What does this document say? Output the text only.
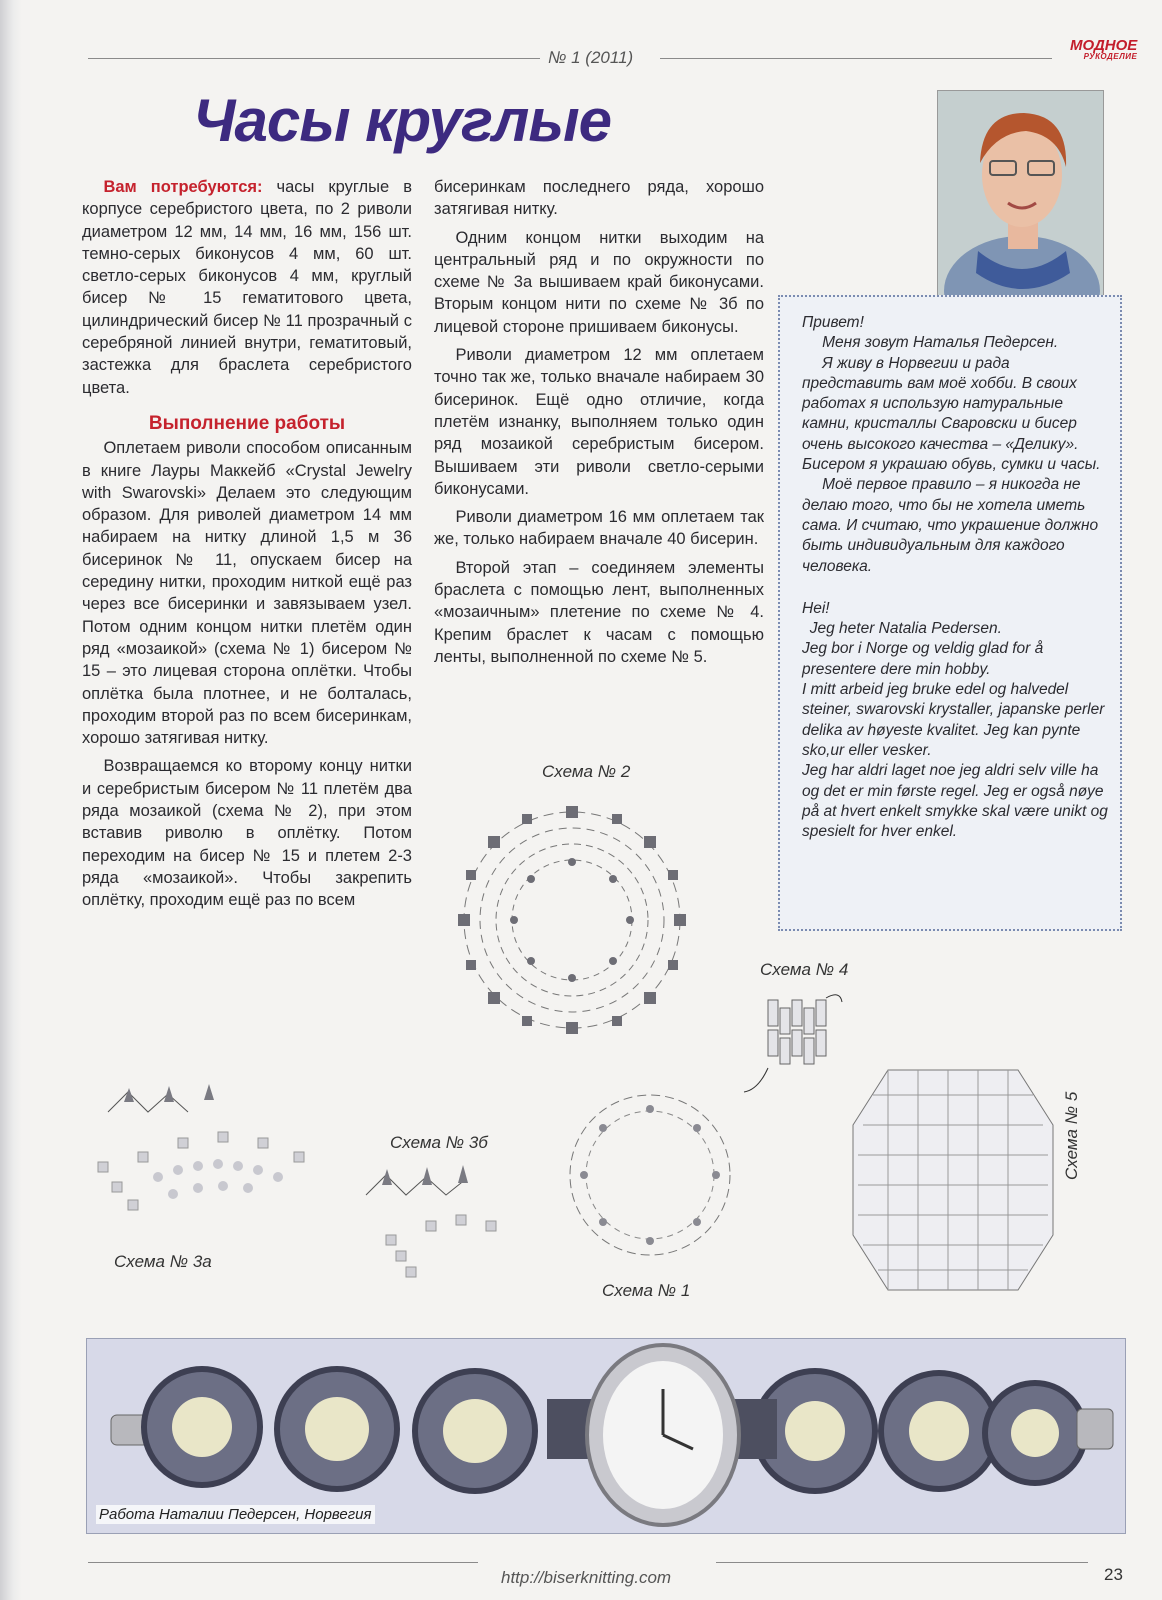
№ 1 (2011)
МОДНОЕ
РУКОДЕЛИЕ
Часы круглые

Вам потребуются: часы круглые в корпусе серебристого цвета, по 2 риволи диаметром 12 мм, 14 мм, 16 мм, 156 шт. темно-серых биконусов 4 мм, 60 шт. светло-серых биконусов 4 мм, круглый бисер № 15 гематитового цвета, цилиндрический бисер № 11 прозрачный с серебряной линией внутри, гематитовый, застежка для браслета серебристого цвета.

Выполнение работы

Оплетаем риволи способом описанным в книге Лауры Маккейб «Crystal Jewelry with Swarovski» Делаем это следующим образом. Для риволей диаметром 14 мм набираем на нитку длиной 1,5 м 36 бисеринок № 11, опускаем бисер на середину нитки, проходим ниткой ещё раз через все бисеринки и завязываем узел. Потом одним концом нитки плетём один ряд «мозаикой» (схема № 1) бисером № 15 – это лицевая сторона оплётки. Чтобы оплётка была плотнее, и не болталась, проходим второй раз по всем бисеринкам, хорошо затягивая нитку.

Возвращаемся ко второму концу нитки и серебристым бисером № 11 плетём два ряда мозаикой (схема № 2), при этом вставив риволю в оплётку. Потом переходим на бисер № 15 и плетем 2-3 ряда «мозаикой». Чтобы закрепить оплётку, проходим ещё раз по всем

бисеринкам последнего ряда, хорошо затягивая нитку.

Одним концом нитки выходим на центральный ряд и по окружности по схеме № 3а вышиваем край биконусами. Вторым концом нити по схеме № 3б по лицевой стороне пришиваем биконусы.

Риволи диаметром 12 мм оплетаем точно так же, только вначале набираем 30 бисеринок. Ещё одно отличие, когда плетём изнанку, выполняем только один ряд мозаикой серебристым бисером. Вышиваем эти риволи светло-серыми биконусами.

Риволи диаметром 16 мм оплетаем так же, только набираем вначале 40 бисерин.

Второй этап – соединяем элементы браслета с помощью лент, выполненных «мозаичным» плетение по схеме № 4. Крепим браслет к часам с помощью ленты, выполненной по схеме № 5.

Привет!

Меня зовут Наталья Педерсен.

Я живу в Норвегии и рада представить вам моё хобби. В своих работах я использую натуральные камни, кристаллы Сваровски и бисер очень высокого качества – «Делику». Бисером я украшаю обувь, сумки и часы.

Моё первое правило – я никогда не делаю того, что бы не хотела иметь сама. И считаю, что украшение должно быть индивидуальным для каждого человека.

Hei!

Jeg heter Natalia Pedersen.

Jeg bor i Norge og veldig glad for å presentere dere min hobby.

I mitt arbeid jeg bruke edel og halvedel steiner, swarovski krystaller, japanske perler delika av høyeste kvalitet. Jeg kan pynte sko,ur eller vesker.

Jeg har aldri laget noe jeg aldri selv ville ha og det er min første regel. Jeg er også nøye på at hvert enkelt smykke skal være unikt og spesielt for hver enkel.

Схема № 2
Схема № 4
Схема № 3б
Схема № 3а
Схема № 1
Схема № 5
Работа Наталии Педерсен, Норвегия
http://biserknitting.com	23
